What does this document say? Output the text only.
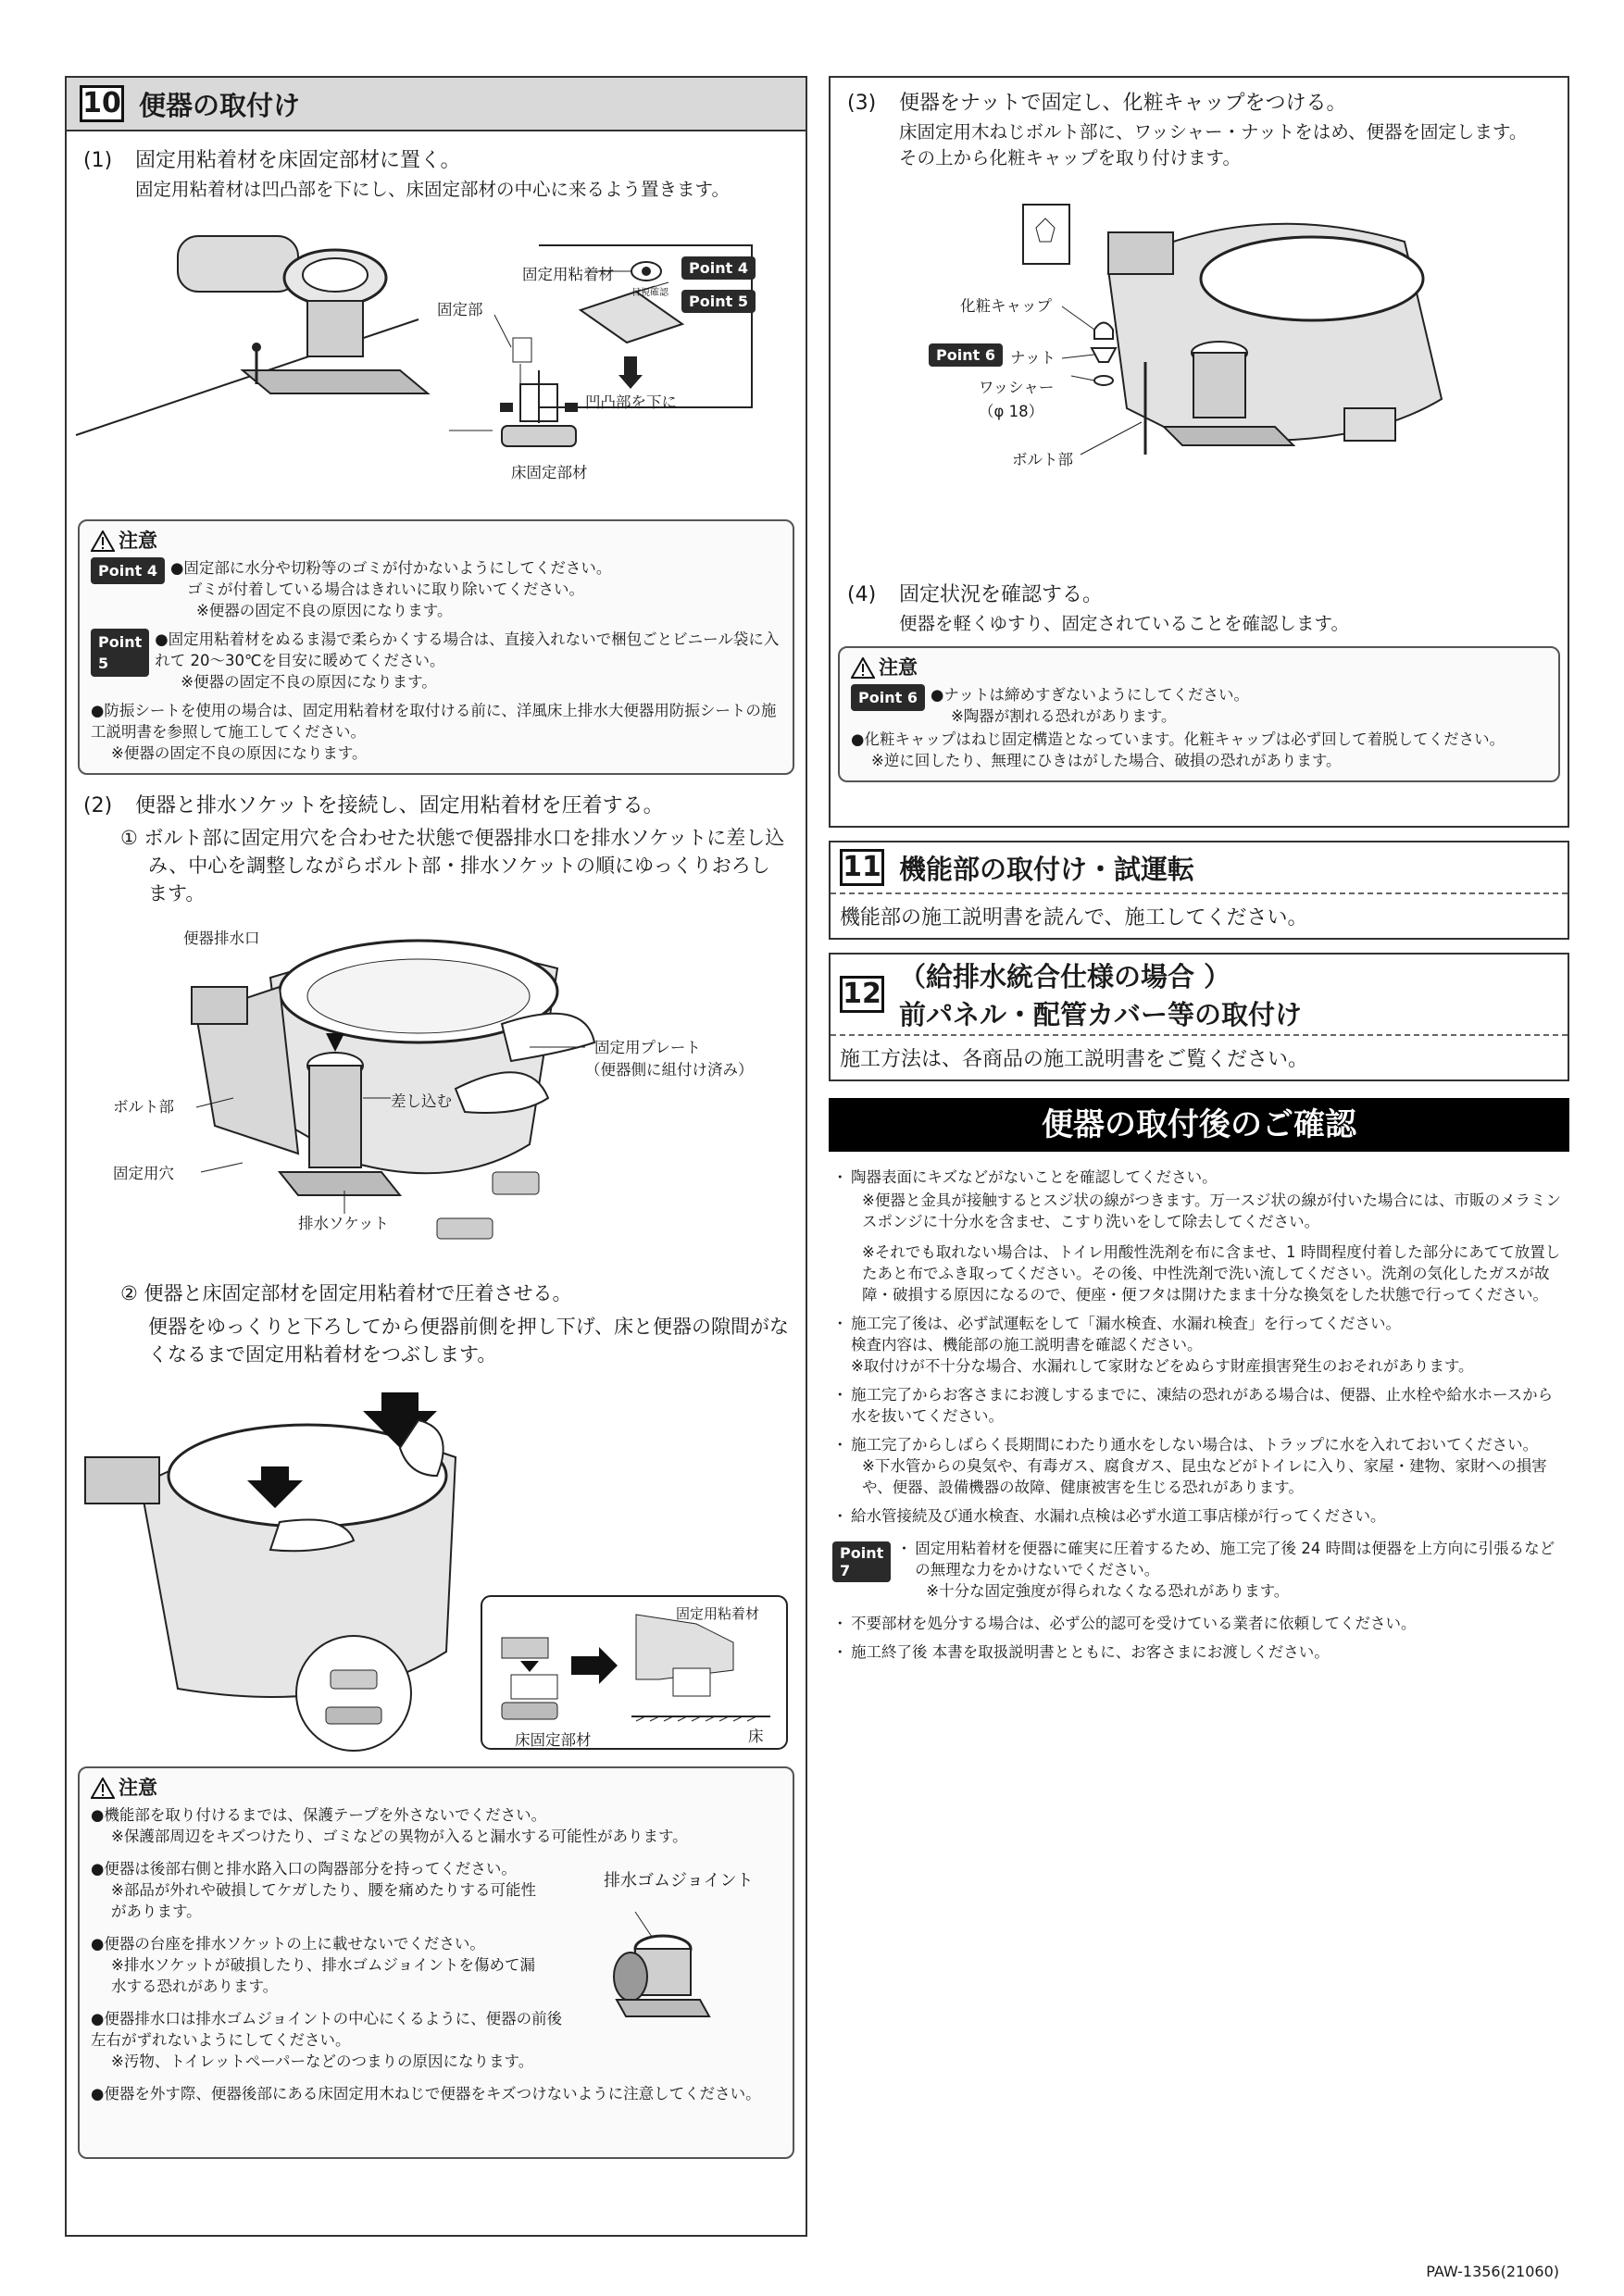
10 便器の取付け
(1) 固定用粘着材を床固定部材に置く。
固定用粘着材は凹凸部を下にし、床固定部材の中心に来るよう置きます。
固定部
固定用粘着材
目視確認
Point 4
Point 5
凹凸部を下に
床固定部材
注意
Point 4 ●固定部に水分や切粉等のゴミが付かないようにしてください。
ゴミが付着している場合はきれいに取り除いてください。
※便器の固定不良の原因になります。
Point 5
●固定用粘着材をぬるま湯で柔らかくする場合は、直接入れないで梱包ごとビニール袋に入れて 20～30℃を目安に暖めてください。
※便器の固定不良の原因になります。
●防振シートを使用の場合は、固定用粘着材を取付ける前に、洋風床上排水大便器用防振シートの施工説明書を参照して施工してください。
※便器の固定不良の原因になります。
(2) 便器と排水ソケットを接続し、固定用粘着材を圧着する。
① ボルト部に固定用穴を合わせた状態で便器排水口を排水ソケットに差し込み、中心を調整しながらボルト部・排水ソケットの順にゆっくりおろします。
便器排水口
ボルト部	差し込む
固定用プレート
（便器側に組付け済み）
固定用穴
排水ソケット
② 便器と床固定部材を固定用粘着材で圧着させる。
便器をゆっくりと下ろしてから便器前側を押し下げ、床と便器の隙間がなくなるまで固定用粘着材をつぶします。
固定用粘着材
床固定部材	床
注意
●機能部を取り付けるまでは、保護テープを外さないでください。
※保護部周辺をキズつけたり、ゴミなどの異物が入ると漏水する可能性があります。
●便器は後部右側と排水路入口の陶器部分を持ってください。
※部品が外れや破損してケガしたり、腰を痛めたりする可能性があります。
●便器の台座を排水ソケットの上に載せないでください。
※排水ソケットが破損したり、排水ゴムジョイントを傷めて漏水する恐れがあります。
●便器排水口は排水ゴムジョイントの中心にくるように、便器の前後左右がずれないようにしてください。
※汚物、トイレットペーパーなどのつまりの原因になります。
●便器を外す際、便器後部にある床固定用木ねじで便器をキズつけないように注意してください。
排水ゴムジョイント
(3) 便器をナットで固定し、化粧キャップをつける。
床固定用木ねじボルト部に、ワッシャー・ナットをはめ、便器を固定します。その上から化粧キャップを取り付けます。
化粧キャップ
Point 6 ナット
ワッシャー
（φ 18）
ボルト部
(4) 固定状況を確認する。
便器を軽くゆすり、固定されていることを確認します。
注意
Point 6 ●ナットは締めすぎないようにしてください。
※陶器が割れる恐れがあります。
●化粧キャップはねじ固定構造となっています。化粧キャップは必ず回して着脱してください。
※逆に回したり、無理にひきはがした場合、破損の恐れがあります。
11 機能部の取付け・試運転
機能部の施工説明書を読んで、施工してください。
12
（給排水統合仕様の場合 ）
前パネル・配管カバー等の取付け
施工方法は、各商品の施工説明書をご覧ください。
便器の取付後のご確認
・ 陶器表面にキズなどがないことを確認してください。
※便器と金具が接触するとスジ状の線がつきます。万一スジ状の線が付いた場合には、市販のメラミンスポンジに十分水を含ませ、こすり洗いをして除去してください。
※それでも取れない場合は、トイレ用酸性洗剤を布に含ませ、1 時間程度付着した部分にあてて放置したあと布でふき取ってください。その後、中性洗剤で洗い流してください。洗剤の気化したガスが故障・破損する原因になるので、便座・便フタは開けたまま十分な換気をした状態で行ってください。
・ 施工完了後は、必ず試運転をして「漏水検査、水漏れ検査」を行ってください。
検査内容は、機能部の施工説明書を確認ください。
※取付けが不十分な場合、水漏れして家財などをぬらす財産損害発生のおそれがあります。
・ 施工完了からお客さまにお渡しするまでに、凍結の恐れがある場合は、便器、止水栓や給水ホースから水を抜いてください。
・ 施工完了からしばらく長期間にわたり通水をしない場合は、トラップに水を入れておいてください。
※下水管からの臭気や、有毒ガス、腐食ガス、昆虫などがトイレに入り、家屋・建物、家財への損害や、便器、設備機器の故障、健康被害を生じる恐れがあります。
・ 給水管接続及び通水検査、水漏れ点検は必ず水道工事店様が行ってください。
Point 7
・ 固定用粘着材を便器に確実に圧着するため、施工完了後 24 時間は便器を上方向に引張るなどの無理な力をかけないでください。
※十分な固定強度が得られなくなる恐れがあります。
・ 不要部材を処分する場合は、必ず公的認可を受けている業者に依頼してください。
・ 施工終了後 本書を取扱説明書とともに、お客さまにお渡しください。
PAW-1356(21060)
